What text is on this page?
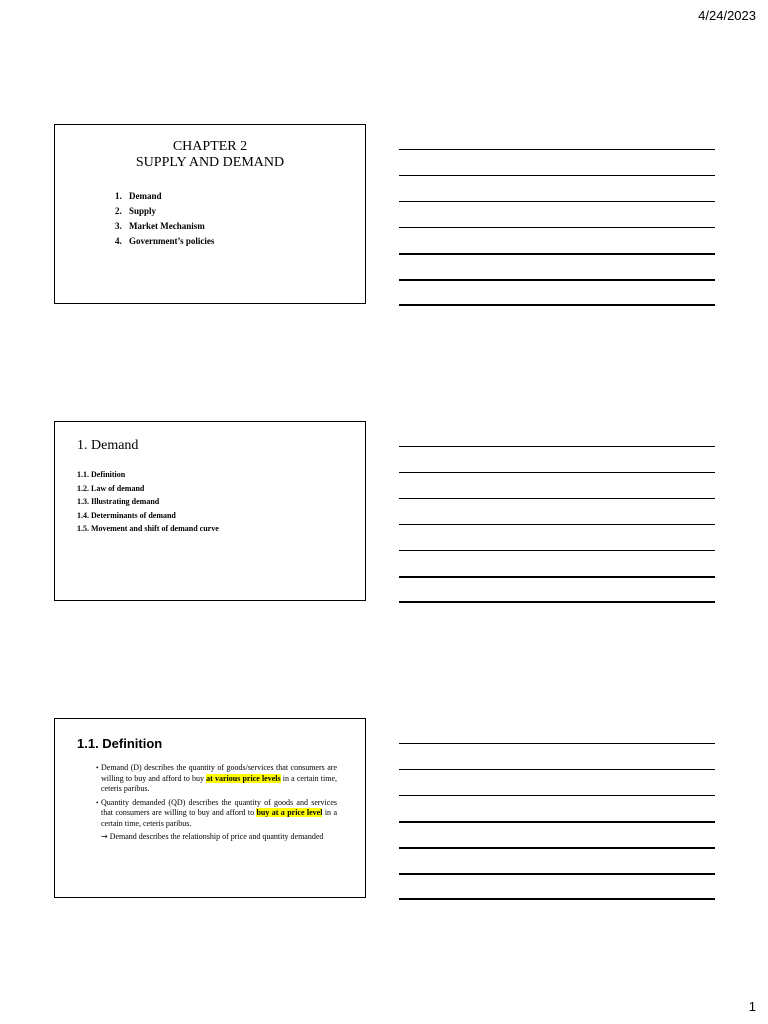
4/24/2023
CHAPTER 2
SUPPLY AND DEMAND
1. Demand
2. Supply
3. Market Mechanism
4. Government’s policies
1. Demand
1.1. Definition
1.2. Law of demand
1.3. Illustrating demand
1.4. Determinants of demand
1.5. Movement and shift of demand curve
1.1. Definition

• Demand (D) describes the quantity of goods/services that consumers are willing to buy and afford to buy at various price levels in a certain time, ceteris paribus.

• Quantity demanded (QD) describes the quantity of goods and services that consumers are willing to buy and afford to buy at a price level in a certain time, ceteris paribus.

→ Demand describes the relationship of price and quantity demanded

1
